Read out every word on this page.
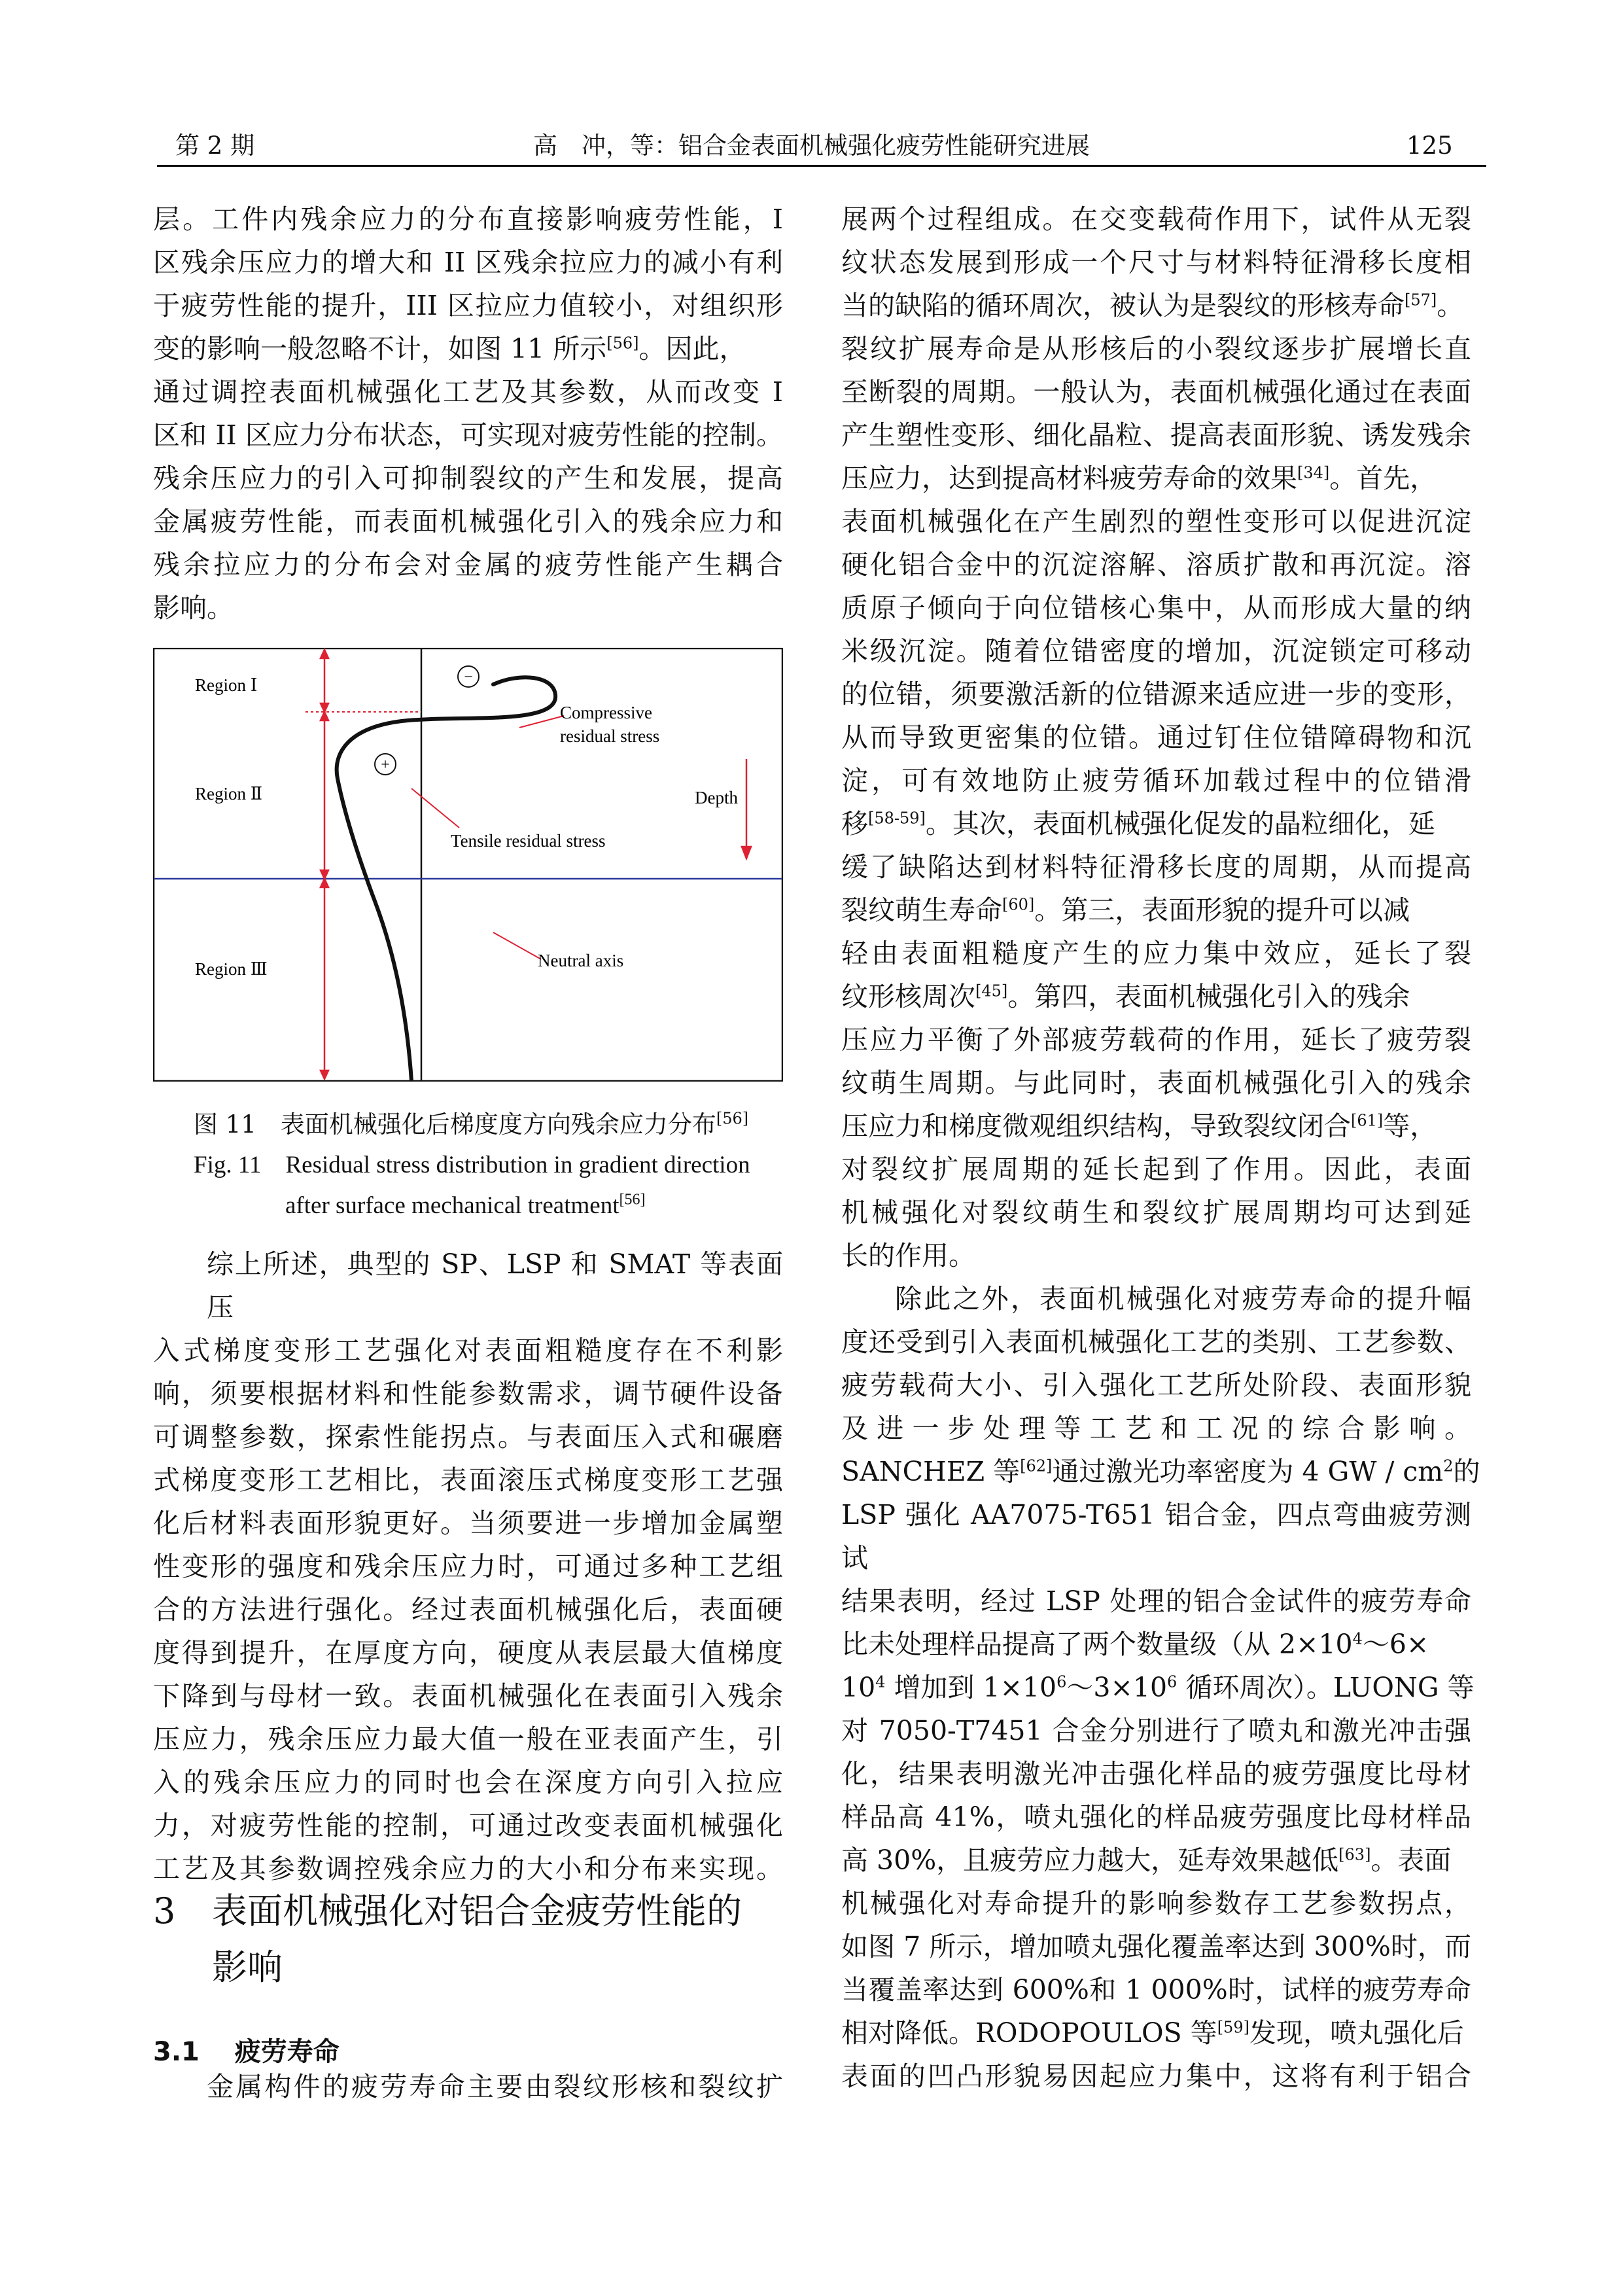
第 2 期	高　冲，等：铝合金表面机械强化疲劳性能研究进展	125
层。工件内残余应力的分布直接影响疲劳性能，I
区残余压应力的增大和 II 区残余拉应力的减小有利
于疲劳性能的提升，III 区拉应力值较小，对组织形
变的影响一般忽略不计，如图 11 所示[56]。因此，
通过调控表面机械强化工艺及其参数，从而改变 I
区和 II 区应力分布状态，可实现对疲劳性能的控制。
残余压应力的引入可抑制裂纹的产生和发展，提高
金属疲劳性能，而表面机械强化引入的残余应力和
残余拉应力的分布会对金属的疲劳性能产生耦合
影响。
−
+
Region Ⅰ
Region Ⅱ
Region Ⅲ
Compressive
residual stress
Tensile residual stress
Depth
Neutral axis
图 11　表面机械强化后梯度度方向残余应力分布[56]
Fig. 11　Residual stress distribution in gradient direction
after surface mechanical treatment[56]
综上所述，典型的 SP、LSP 和 SMAT 等表面压
入式梯度变形工艺强化对表面粗糙度存在不利影
响，须要根据材料和性能参数需求，调节硬件设备
可调整参数，探索性能拐点。与表面压入式和碾磨
式梯度变形工艺相比，表面滚压式梯度变形工艺强
化后材料表面形貌更好。当须要进一步增加金属塑
性变形的强度和残余压应力时，可通过多种工艺组
合的方法进行强化。经过表面机械强化后，表面硬
度得到提升，在厚度方向，硬度从表层最大值梯度
下降到与母材一致。表面机械强化在表面引入残余
压应力，残余压应力最大值一般在亚表面产生，引
入的残余压应力的同时也会在深度方向引入拉应
力，对疲劳性能的控制，可通过改变表面机械强化
工艺及其参数调控残余应力的大小和分布来实现。
3 表面机械强化对铝合金疲劳性能的
影响
3.1 疲劳寿命
金属构件的疲劳寿命主要由裂纹形核和裂纹扩
展两个过程组成。在交变载荷作用下，试件从无裂
纹状态发展到形成一个尺寸与材料特征滑移长度相
当的缺陷的循环周次，被认为是裂纹的形核寿命[57]。
裂纹扩展寿命是从形核后的小裂纹逐步扩展增长直
至断裂的周期。一般认为，表面机械强化通过在表面
产生塑性变形、细化晶粒、提高表面形貌、诱发残余
压应力，达到提高材料疲劳寿命的效果[34]。首先，
表面机械强化在产生剧烈的塑性变形可以促进沉淀
硬化铝合金中的沉淀溶解、溶质扩散和再沉淀。溶
质原子倾向于向位错核心集中，从而形成大量的纳
米级沉淀。随着位错密度的增加，沉淀锁定可移动
的位错，须要激活新的位错源来适应进一步的变形，
从而导致更密集的位错。通过钉住位错障碍物和沉
淀，可有效地防止疲劳循环加载过程中的位错滑
移[58-59]。其次，表面机械强化促发的晶粒细化，延
缓了缺陷达到材料特征滑移长度的周期，从而提高
裂纹萌生寿命[60]。第三，表面形貌的提升可以减
轻由表面粗糙度产生的应力集中效应，延长了裂
纹形核周次[45]。第四，表面机械强化引入的残余
压应力平衡了外部疲劳载荷的作用，延长了疲劳裂
纹萌生周期。与此同时，表面机械强化引入的残余
压应力和梯度微观组织结构，导致裂纹闭合[61]等，
对裂纹扩展周期的延长起到了作用。因此，表面
机械强化对裂纹萌生和裂纹扩展周期均可达到延
长的作用。
除此之外，表面机械强化对疲劳寿命的提升幅
度还受到引入表面机械强化工艺的类别、工艺参数、
疲劳载荷大小、引入强化工艺所处阶段、表面形貌
及进一步处理等工艺和工况的综合影响。
SANCHEZ 等[62]通过激光功率密度为 4 GW / $cm^2$的
LSP 强化 AA7075-T651 铝合金，四点弯曲疲劳测试
结果表明，经过 LSP 处理的铝合金试件的疲劳寿命
比未处理样品提高了两个数量级（从 $2\times 10^4\sim 6\times$
$10^4$ 增加到 $1\times 10^6\sim 3\times 10^6$ 循环周次）。LUONG 等
对 7050-T7451 合金分别进行了喷丸和激光冲击强
化，结果表明激光冲击强化样品的疲劳强度比母材
样品高 41%，喷丸强化的样品疲劳强度比母材样品
高 30%，且疲劳应力越大，延寿效果越低[63]。表面
机械强化对寿命提升的影响参数存工艺参数拐点，
如图 7 所示，增加喷丸强化覆盖率达到 300%时，而
当覆盖率达到 600%和 1 000%时，试样的疲劳寿命
相对降低。RODOPOULOS 等[59]发现，喷丸强化后
表面的凹凸形貌易因起应力集中，这将有利于铝合
